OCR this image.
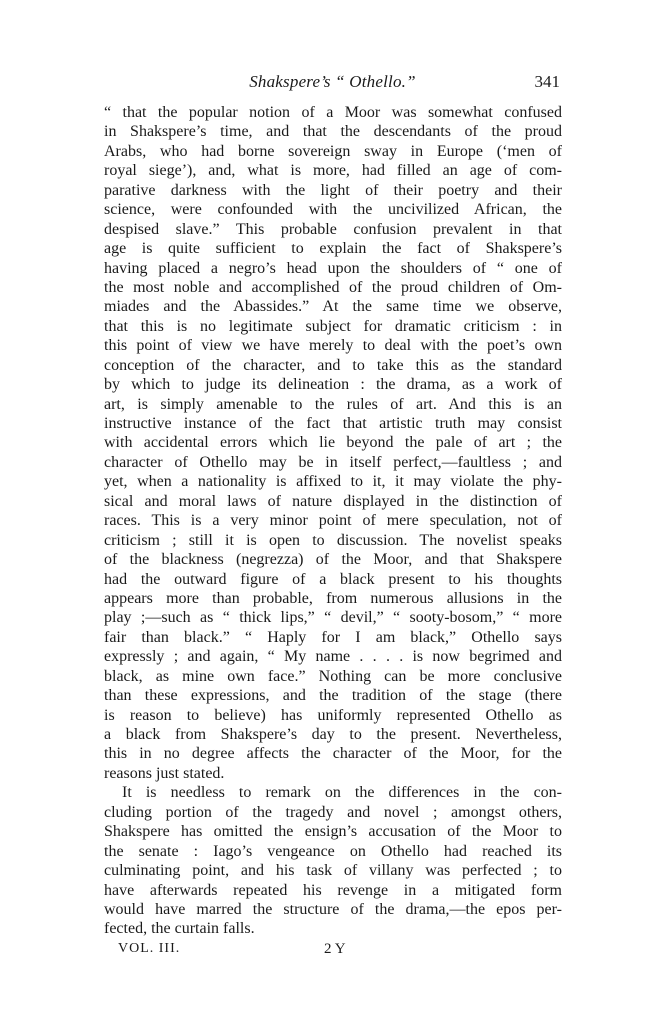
Shakspere’s “ Othello.”	341
“ that the popular notion of a Moor was somewhat confused
in Shakspere’s time, and that the descendants of the proud
Arabs, who had borne sovereign sway in Europe (‘men of
royal siege’), and, what is more, had filled an age of com-
parative darkness with the light of their poetry and their
science, were confounded with the uncivilized African, the
despised slave.” This probable confusion prevalent in that
age is quite sufficient to explain the fact of Shakspere’s
having placed a negro’s head upon the shoulders of “ one of
the most noble and accomplished of the proud children of Om-
miades and the Abassides.” At the same time we observe,
that this is no legitimate subject for dramatic criticism : in
this point of view we have merely to deal with the poet’s own
conception of the character, and to take this as the standard
by which to judge its delineation : the drama, as a work of
art, is simply amenable to the rules of art. And this is an
instructive instance of the fact that artistic truth may consist
with accidental errors which lie beyond the pale of art ; the
character of Othello may be in itself perfect,—faultless ; and
yet, when a nationality is affixed to it, it may violate the phy-
sical and moral laws of nature displayed in the distinction of
races. This is a very minor point of mere speculation, not of
criticism ; still it is open to discussion. The novelist speaks
of the blackness (negrezza) of the Moor, and that Shakspere
had the outward figure of a black present to his thoughts
appears more than probable, from numerous allusions in the
play ;—such as “ thick lips,” “ devil,” “ sooty-bosom,” “ more
fair than black.” “ Haply for I am black,” Othello says
expressly ; and again, “ My name . . . . is now begrimed and
black, as mine own face.” Nothing can be more conclusive
than these expressions, and the tradition of the stage (there
is reason to believe) has uniformly represented Othello as
a black from Shakspere’s day to the present. Nevertheless,
this in no degree affects the character of the Moor, for the
reasons just stated.
It is needless to remark on the differences in the con-
cluding portion of the tragedy and novel ; amongst others,
Shakspere has omitted the ensign’s accusation of the Moor to
the senate : Iago’s vengeance on Othello had reached its
culminating point, and his task of villany was perfected ; to
have afterwards repeated his revenge in a mitigated form
would have marred the structure of the drama,—the epos per-
fected, the curtain falls.
VOL. III.	2 Y
